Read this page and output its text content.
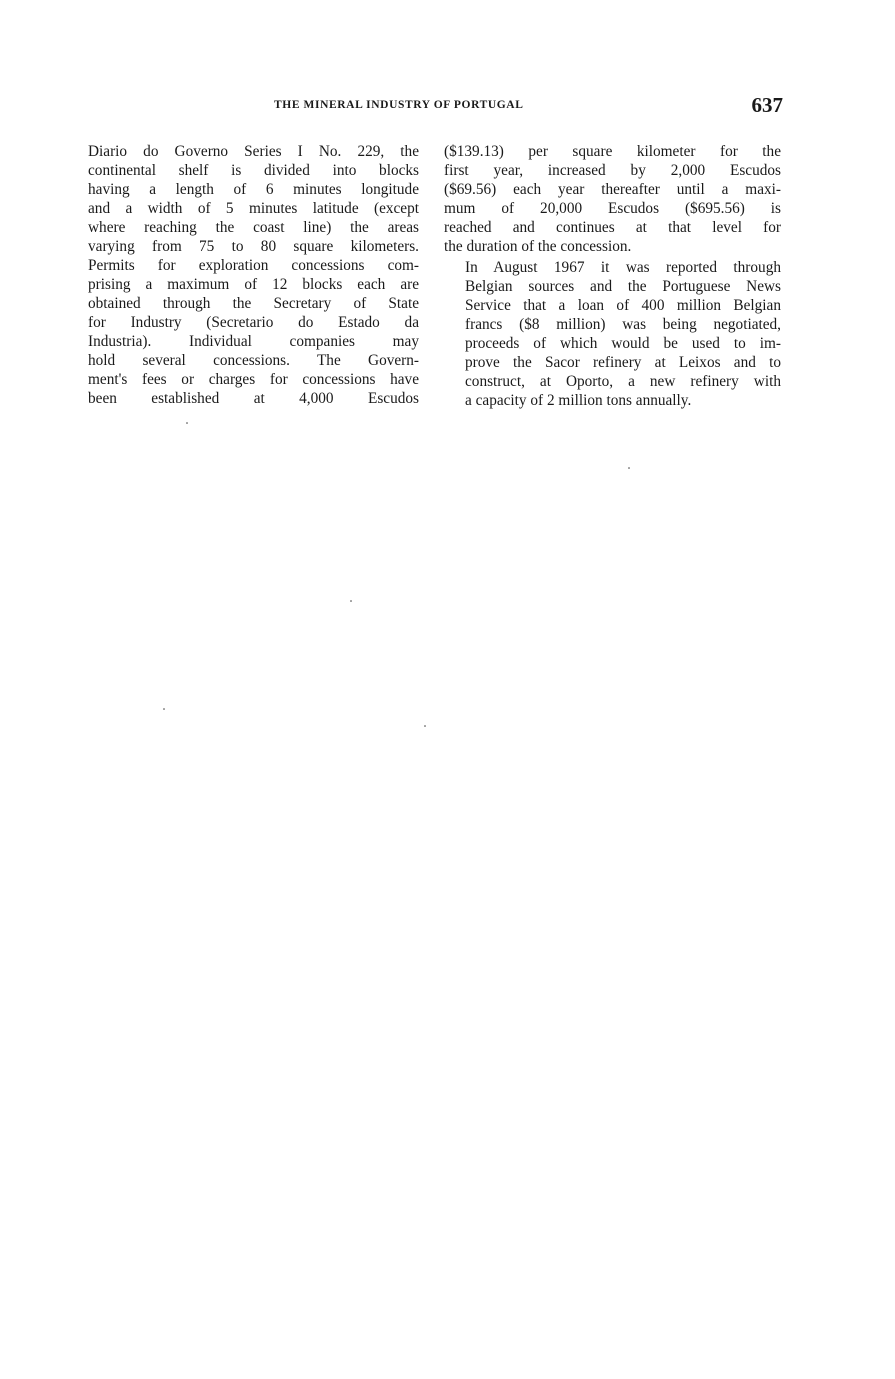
THE MINERAL INDUSTRY OF PORTUGAL	637

Diario do Governo Series I No. 229, the
continental shelf is divided into blocks
having a length of 6 minutes longitude
and a width of 5 minutes latitude (except
where reaching the coast line) the areas
varying from 75 to 80 square kilometers.
Permits for exploration concessions com-
prising a maximum of 12 blocks each are
obtained through the Secretary of State
for Industry (Secretario do Estado da
Industria). Individual companies may
hold several concessions. The Govern-
ment's fees or charges for concessions have
been established at 4,000 Escudos

($139.13) per square kilometer for the
first year, increased by 2,000 Escudos
($69.56) each year thereafter until a maxi-
mum of 20,000 Escudos ($695.56) is
reached and continues at that level for
the duration of the concession.

In August 1967 it was reported through
Belgian sources and the Portuguese News
Service that a loan of 400 million Belgian
francs ($8 million) was being negotiated,
proceeds of which would be used to im-
prove the Sacor refinery at Leixos and to
construct, at Oporto, a new refinery with
a capacity of 2 million tons annually.
